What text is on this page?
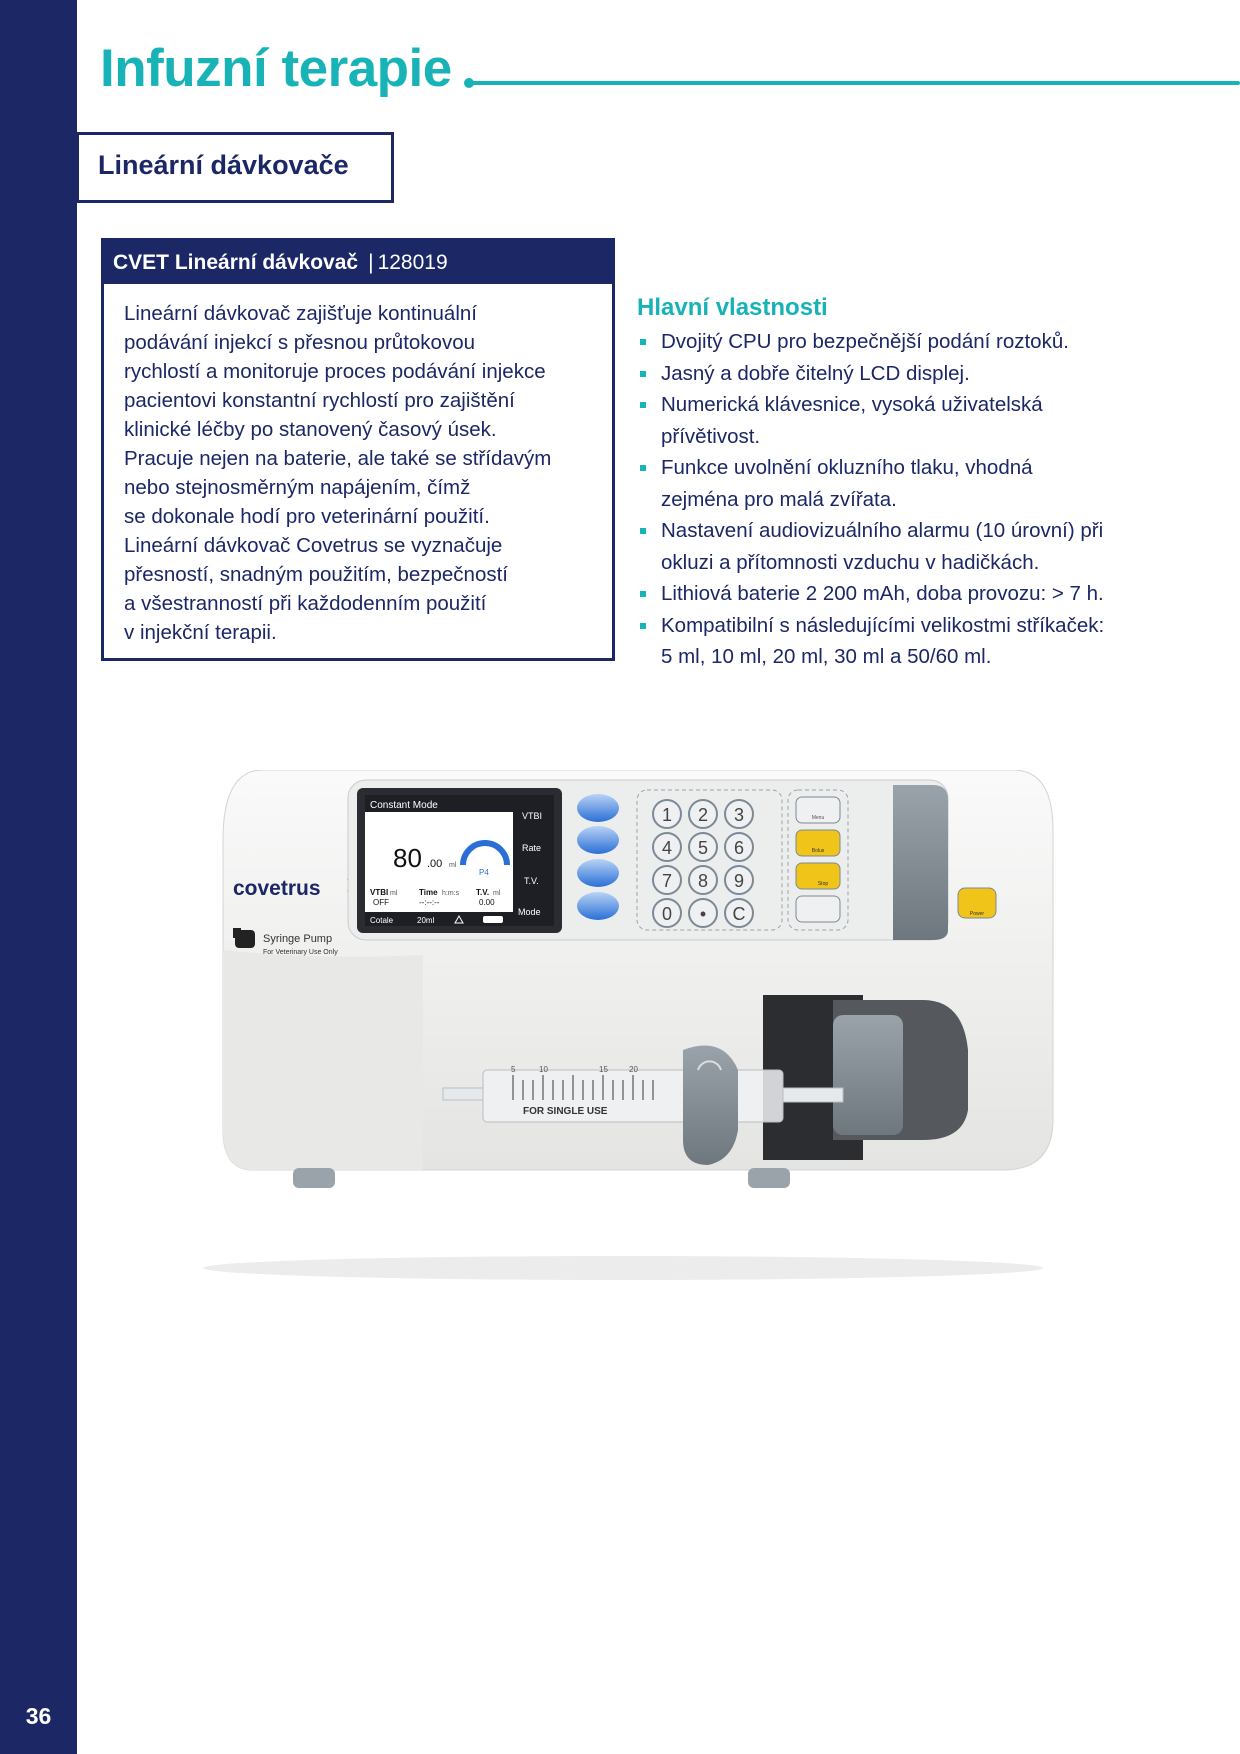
36
Infuzní terapie
Lineární dávkovače
CVET Lineární dávkovač | 128019
Lineární dávkovač zajišťuje kontinuální
podávání injekcí s přesnou průtokovou
rychlostí a monitoruje proces podávání injekce
pacientovi konstantní rychlostí pro zajištění
klinické léčby po stanovený časový úsek.
Pracuje nejen na baterie, ale také se střídavým
nebo stejnosměrným napájením, čímž
se dokonale hodí pro veterinární použití.
Lineární dávkovač Covetrus se vyznačuje
přesností, snadným použitím, bezpečností
a všestranností při každodenním použití
v injekční terapii.
Hlavní vlastnosti
Dvojitý CPU pro bezpečnější podání roztoků.
Jasný a dobře čitelný LCD displej.
Numerická klávesnice, vysoká uživatelská
přívětivost.
Funkce uvolnění okluzního tlaku, vhodná
zejména pro malá zvířata.
Nastavení audiovizuálního alarmu (10 úrovní) při
okluzi a přítomnosti vzduchu v hadičkách.
Lithiová baterie 2 200 mAh, doba provozu: > 7 h.
Kompatibilní s následujícími velikostmi stříkaček:
5 ml, 10 ml, 20 ml, 30 ml a 50/60 ml.
covetrus
Syringe Pump
For Veterinary Use Only
Constant Mode
VTBI
Rate
T.V.
Mode
80 .00 ml
P4
VTBI ml
OFF
Time h:m:s
--:--:--
T.V. ml
0.00
Cotale	20ml
1 2 3
4 5 6
7 8 9
0 • C
Menu
Bolus
Stop
Power
5	10	15	20
FOR SINGLE USE
